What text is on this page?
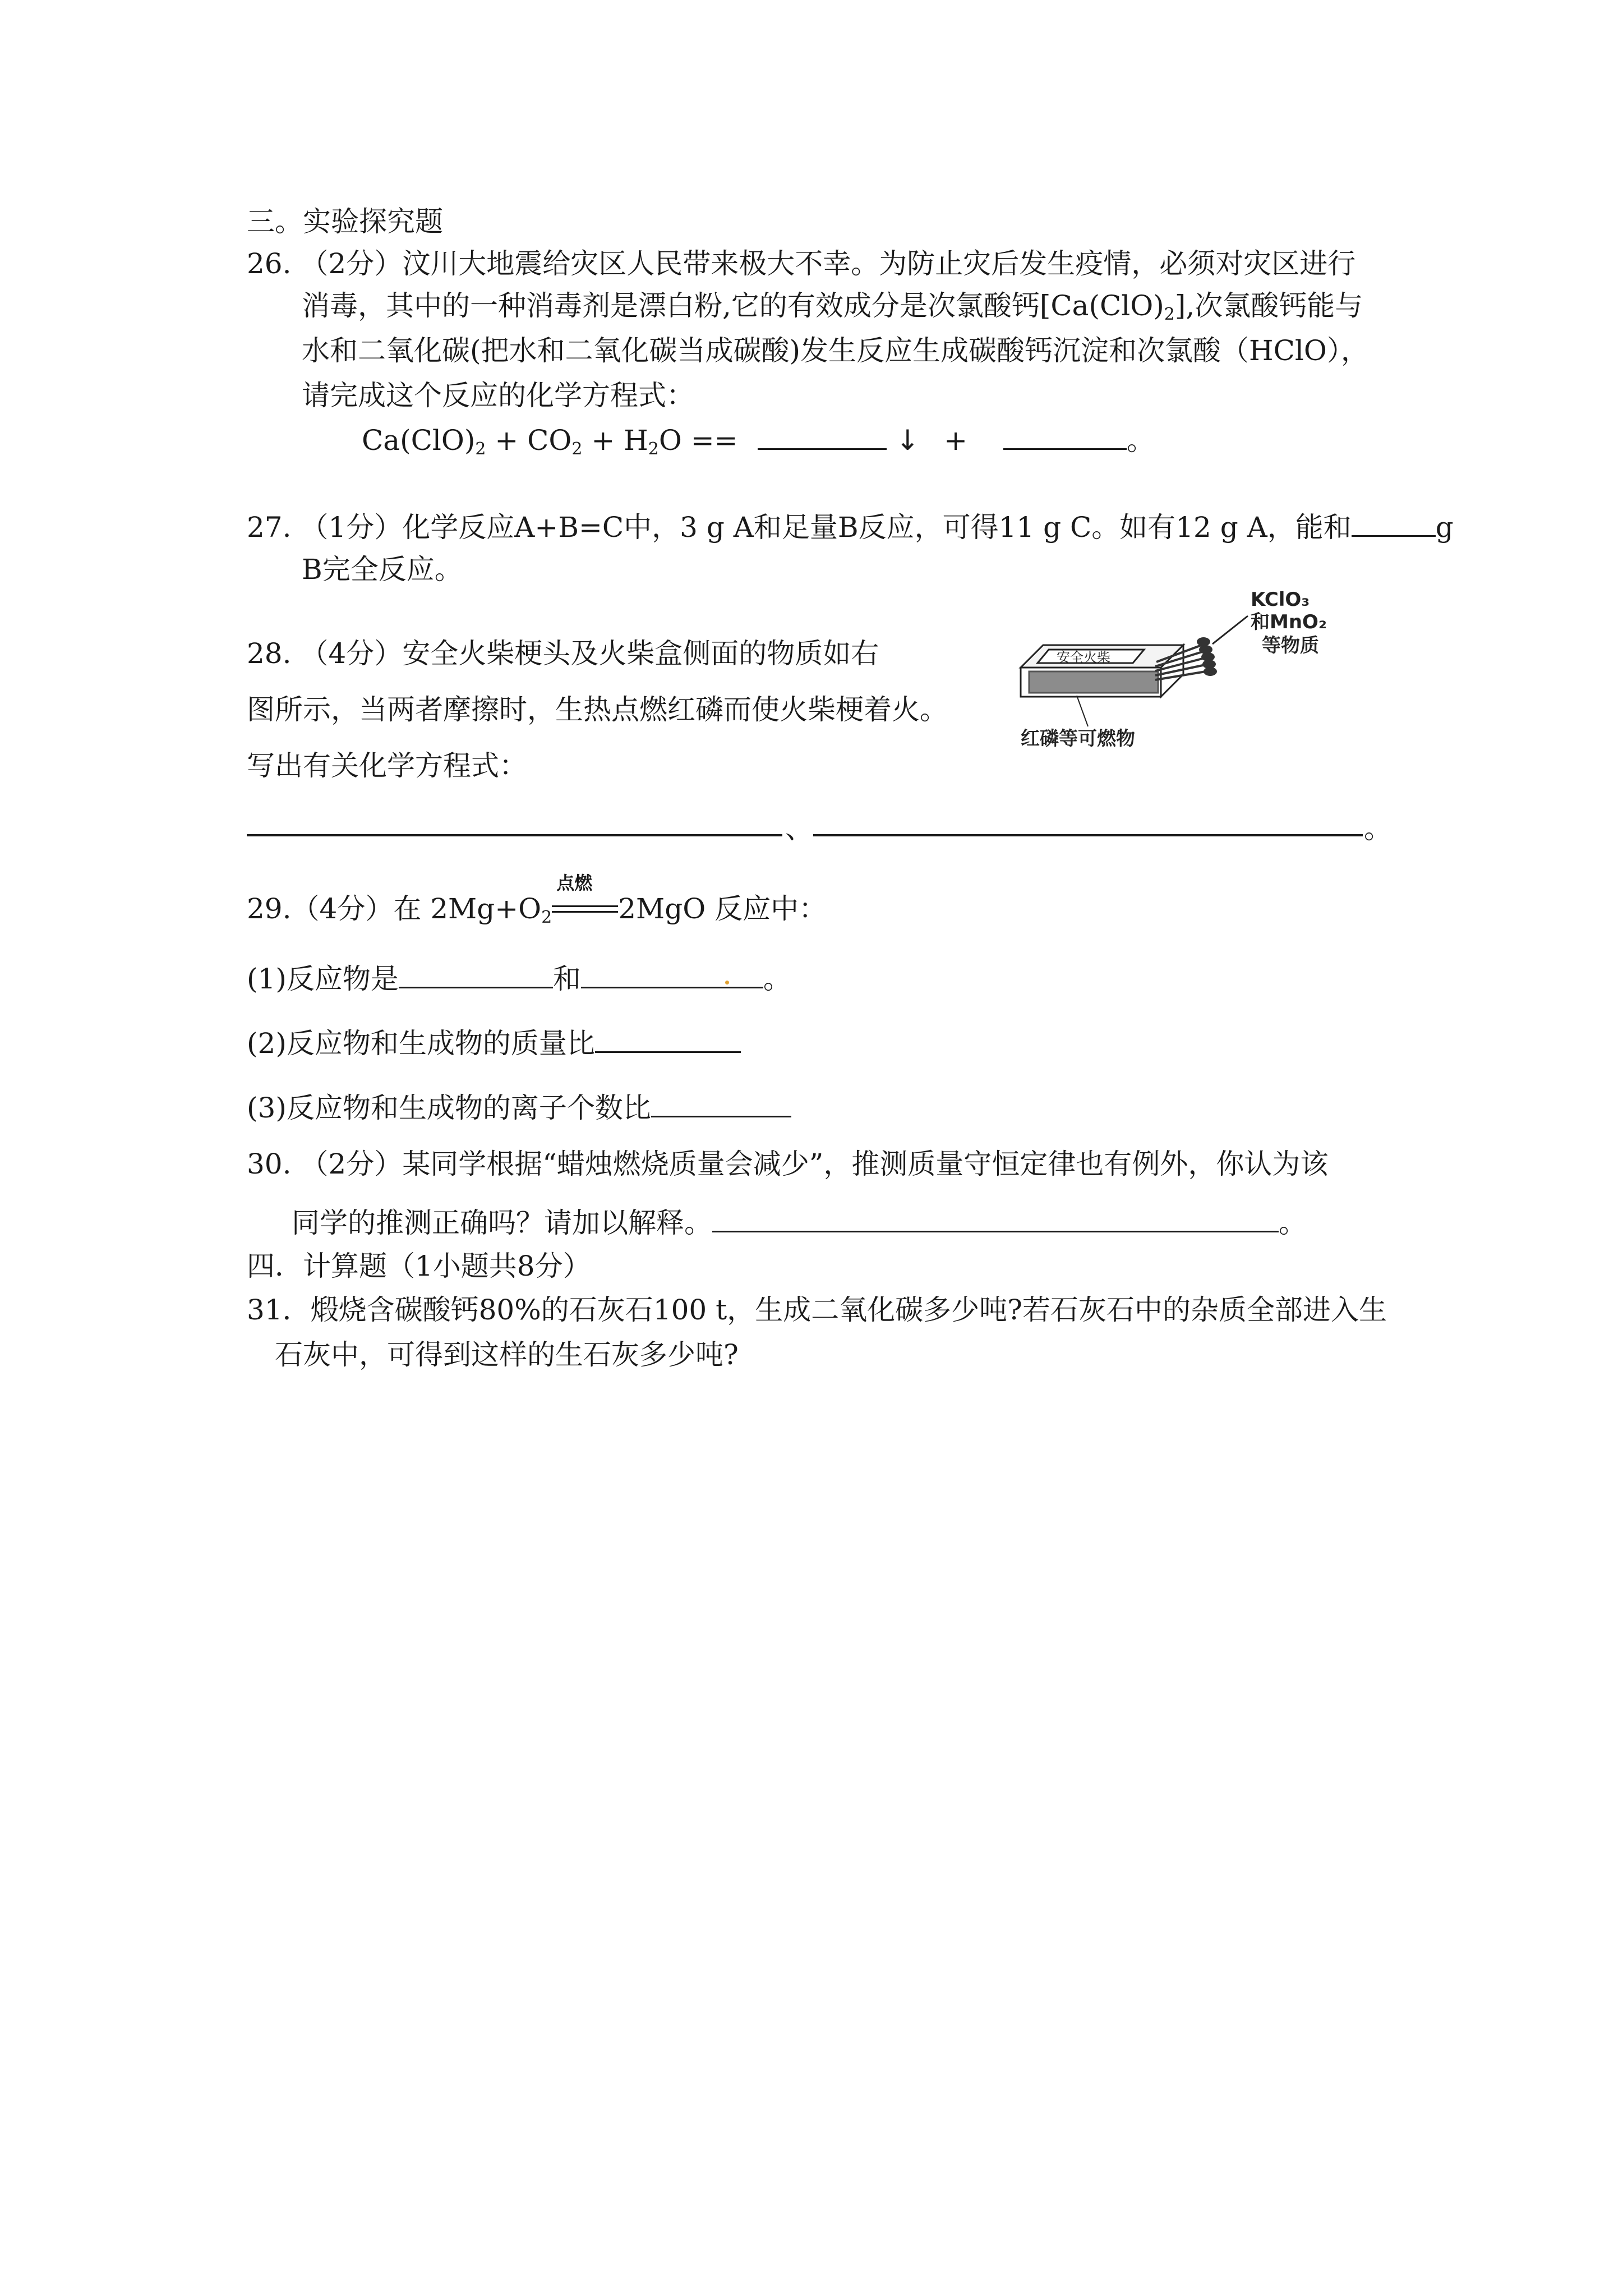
三。实验探究题
26. （2分）汶川大地震给灾区人民带来极大不幸。为防止灾后发生疫情，必须对灾区进行
消毒，其中的一种消毒剂是漂白粉,它的有效成分是次氯酸钙$[Ca(ClO)_2]$,次氯酸钙能与
水和二氧化碳(把水和二氧化碳当成碳酸)发生反应生成碳酸钙沉淀和次氯酸（HClO），
请完成这个反应的化学方程式：
$Ca(ClO)_2 + CO_2 + H_2O$ ==	↓ +	。
27. （1分）化学反应A+B=C中，3 g A和足量B反应，可得11 g C。如有12 g A，能和	g
B完全反应。
28. （4分）安全火柴梗头及火柴盒侧面的物质如右
图所示，当两者摩擦时，生热点燃红磷而使火柴梗着火。
写出有关化学方程式：
安全火柴
KClO₃
和MnO₂
等物质
红磷等可燃物
、	。
29.（4分）在 $2Mg+O_2$
点燃
2MgO 反应中：
(1)反应物是	和	。
(2)反应物和生成物的质量比
(3)反应物和生成物的离子个数比
30. （2分）某同学根据“蜡烛燃烧质量会减少”，推测质量守恒定律也有例外，你认为该
同学的推测正确吗？请加以解释。	。
四．计算题（1小题共8分）
31．煅烧含碳酸钙80%的石灰石100 t，生成二氧化碳多少吨?若石灰石中的杂质全部进入生
石灰中，可得到这样的生石灰多少吨?
